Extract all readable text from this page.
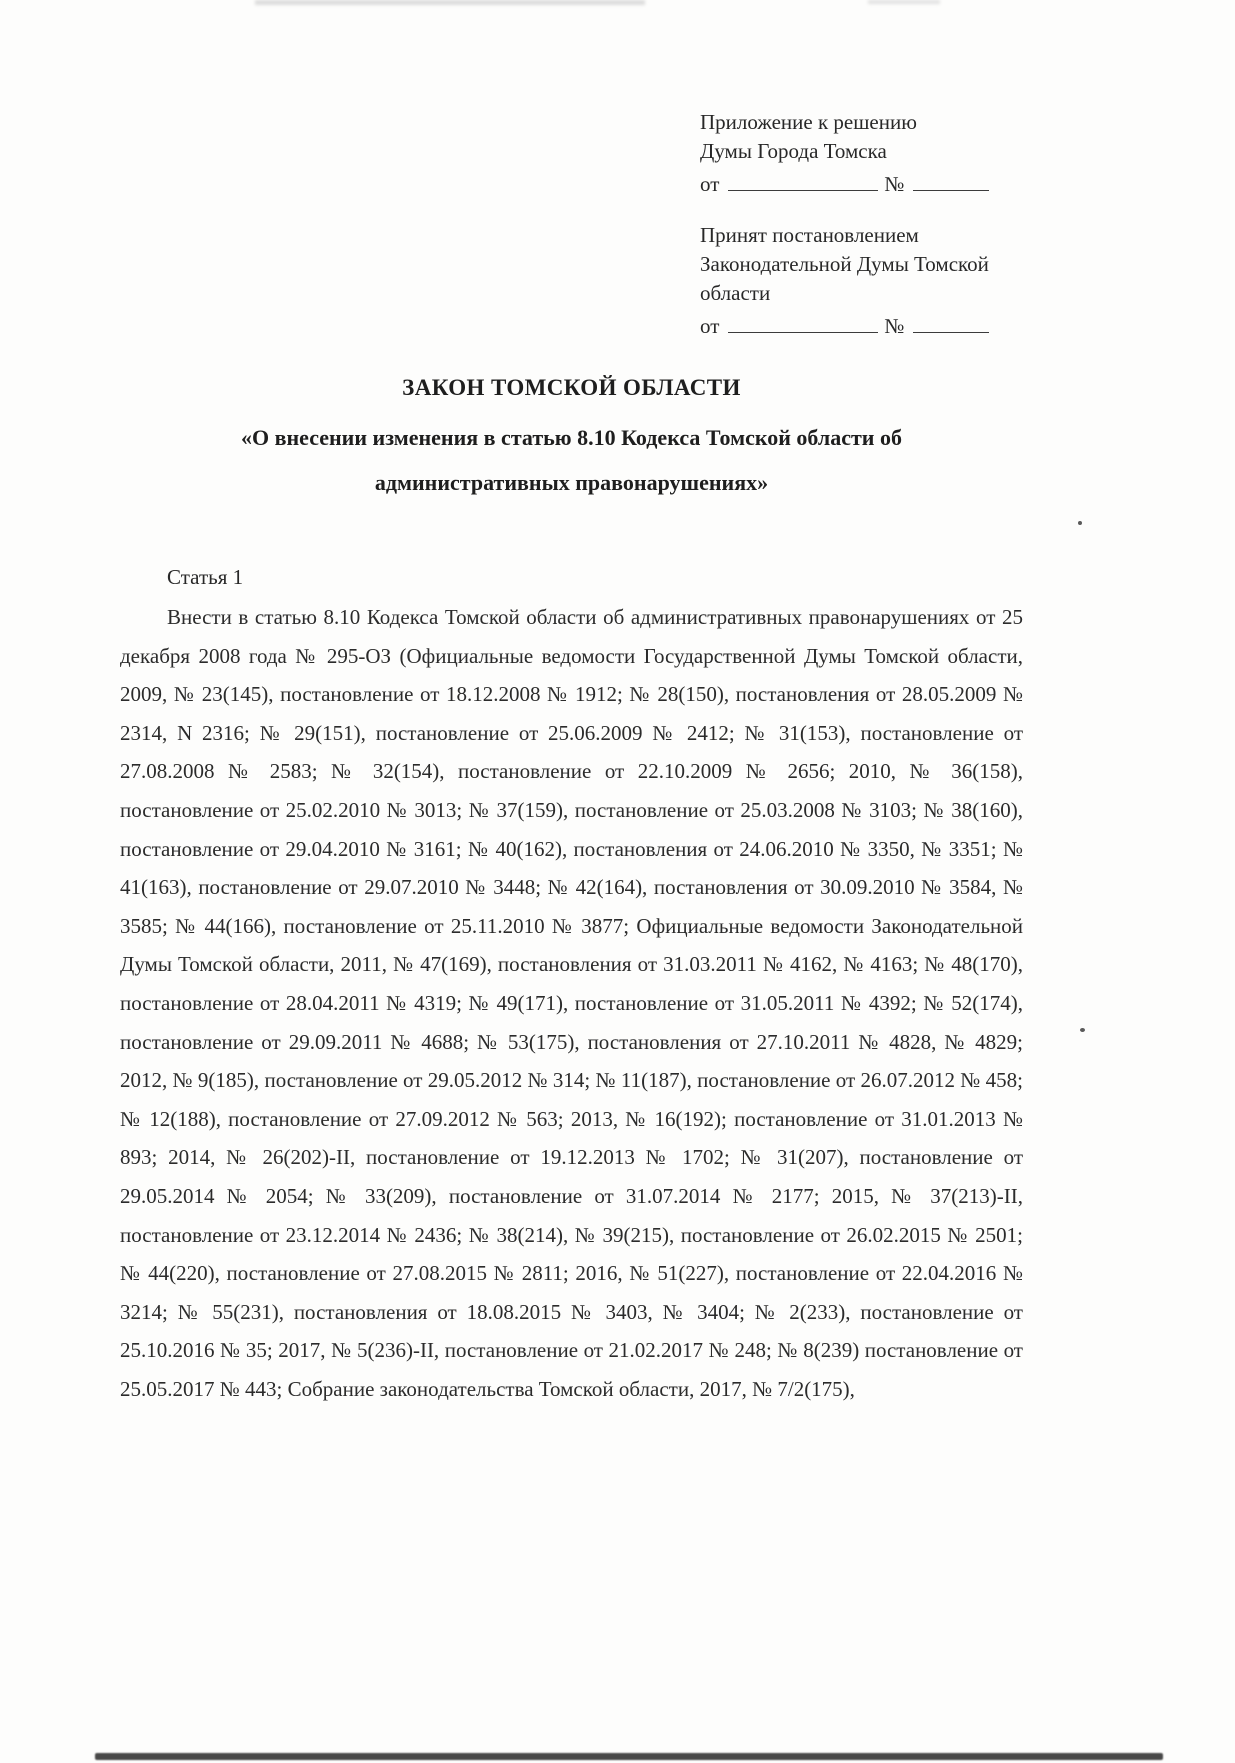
Приложение к решению
Думы Города Томска
от	№
Принят постановлением
Законодательной Думы Томской
области
от	№
ЗАКОН ТОМСКОЙ ОБЛАСТИ
«О внесении изменения в статью 8.10 Кодекса Томской области об административных правонарушениях»
Статья 1
Внести в статью 8.10 Кодекса Томской области об административных правонарушениях от 25 декабря 2008 года № 295-ОЗ (Официальные ведомости Государственной Думы Томской области, 2009, № 23(145), постановление от 18.12.2008 № 1912; № 28(150), постановления от 28.05.2009 № 2314, N 2316; № 29(151), постановление от 25.06.2009 № 2412; № 31(153), постановление от 27.08.2008 № 2583; № 32(154), постановление от 22.10.2009 № 2656; 2010, № 36(158), постановление от 25.02.2010 № 3013; № 37(159), постановление от 25.03.2008 № 3103; № 38(160), постановление от 29.04.2010 № 3161; № 40(162), постановления от 24.06.2010 № 3350, № 3351; № 41(163), постановление от 29.07.2010 № 3448; № 42(164), постановления от 30.09.2010 № 3584, № 3585; № 44(166), постановление от 25.11.2010 № 3877; Официальные ведомости Законодательной Думы Томской области, 2011, № 47(169), постановления от 31.03.2011 № 4162, № 4163; № 48(170), постановление от 28.04.2011 № 4319; № 49(171), постановление от 31.05.2011 № 4392; № 52(174), постановление от 29.09.2011 № 4688; № 53(175), постановления от 27.10.2011 № 4828, № 4829; 2012, № 9(185), постановление от 29.05.2012 № 314; № 11(187), постановление от 26.07.2012 № 458; № 12(188), постановление от 27.09.2012 № 563; 2013, № 16(192); постановление от 31.01.2013 № 893; 2014, № 26(202)-II, постановление от 19.12.2013 № 1702; № 31(207), постановление от 29.05.2014 № 2054; № 33(209), постановление от 31.07.2014 № 2177; 2015, № 37(213)-II, постановление от 23.12.2014 № 2436; № 38(214), № 39(215), постановление от 26.02.2015 № 2501; № 44(220), постановление от 27.08.2015 № 2811; 2016, № 51(227), постановление от 22.04.2016 № 3214; № 55(231), постановления от 18.08.2015 № 3403, № 3404; № 2(233), постановление от 25.10.2016 № 35; 2017, № 5(236)-II, постановление от 21.02.2017 № 248; № 8(239) постановление от 25.05.2017 № 443; Собрание законодательства Томской области, 2017, № 7/2(175),
